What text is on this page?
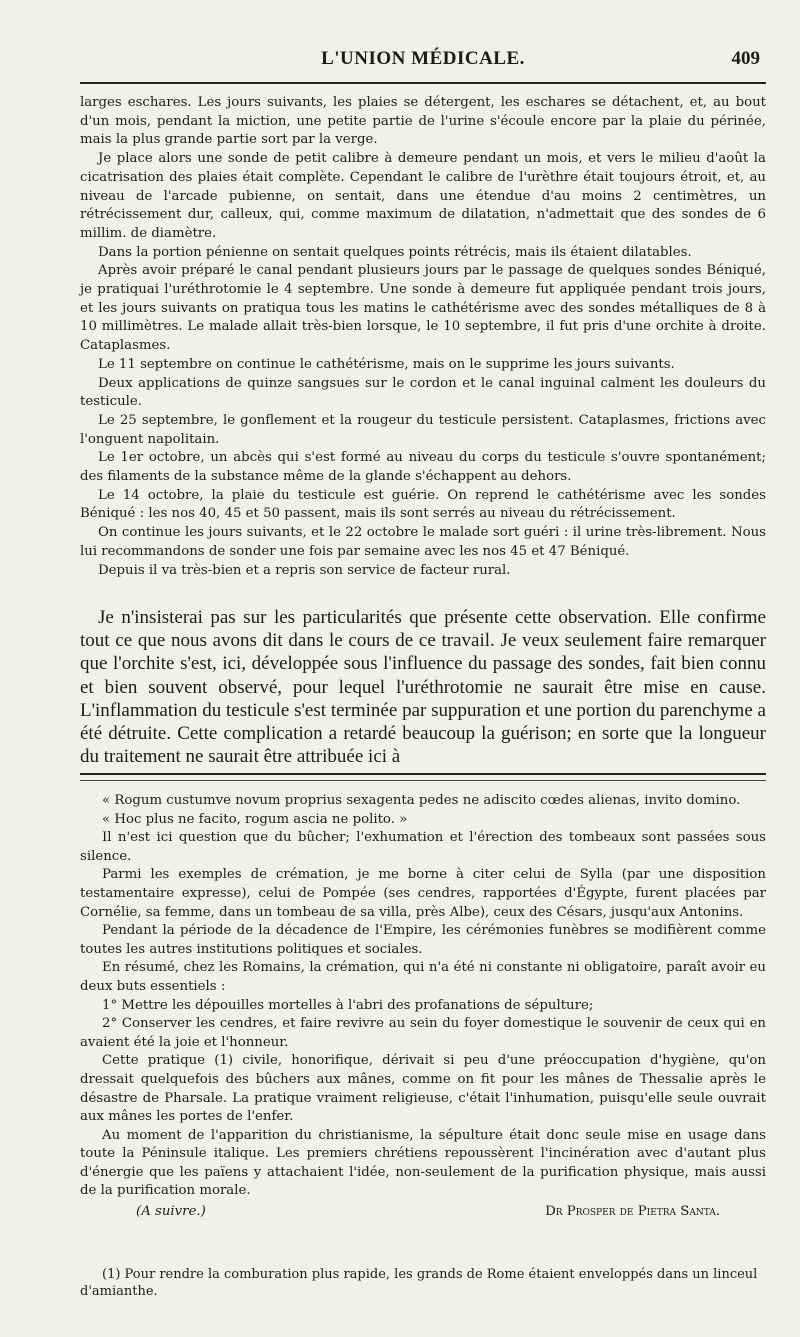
L'UNION MÉDICALE.	409

larges eschares. Les jours suivants, les plaies se détergent, les eschares se détachent, et, au bout d'un mois, pendant la miction, une petite partie de l'urine s'écoule encore par la plaie du périnée, mais la plus grande partie sort par la verge.

Je place alors une sonde de petit calibre à demeure pendant un mois, et vers le milieu d'août la cicatrisation des plaies était complète. Cependant le calibre de l'urèthre était toujours étroit, et, au niveau de l'arcade pubienne, on sentait, dans une étendue d'au moins 2 centimètres, un rétrécissement dur, calleux, qui, comme maximum de dilatation, n'admettait que des sondes de 6 millim. de diamètre.

Dans la portion pénienne on sentait quelques points rétrécis, mais ils étaient dilatables.

Après avoir préparé le canal pendant plusieurs jours par le passage de quelques sondes Béniqué, je pratiquai l'uréthrotomie le 4 septembre. Une sonde à demeure fut appliquée pendant trois jours, et les jours suivants on pratiqua tous les matins le cathétérisme avec des sondes métalliques de 8 à 10 millimètres. Le malade allait très-bien lorsque, le 10 septembre, il fut pris d'une orchite à droite. Cataplasmes.

Le 11 septembre on continue le cathétérisme, mais on le supprime les jours suivants.

Deux applications de quinze sangsues sur le cordon et le canal inguinal calment les douleurs du testicule.

Le 25 septembre, le gonflement et la rougeur du testicule persistent. Cataplasmes, frictions avec l'onguent napolitain.

Le 1er octobre, un abcès qui s'est formé au niveau du corps du testicule s'ouvre spontanément; des filaments de la substance même de la glande s'échappent au dehors.

Le 14 octobre, la plaie du testicule est guérie. On reprend le cathétérisme avec les sondes Béniqué : les nos 40, 45 et 50 passent, mais ils sont serrés au niveau du rétrécissement.

On continue les jours suivants, et le 22 octobre le malade sort guéri : il urine très-librement. Nous lui recommandons de sonder une fois par semaine avec les nos 45 et 47 Béniqué.

Depuis il va très-bien et a repris son service de facteur rural.

Je n'insisterai pas sur les particularités que présente cette observation. Elle confirme tout ce que nous avons dit dans le cours de ce travail. Je veux seulement faire remarquer que l'orchite s'est, ici, développée sous l'influence du passage des sondes, fait bien connu et bien souvent observé, pour lequel l'uréthrotomie ne saurait être mise en cause. L'inflammation du testicule s'est terminée par suppuration et une portion du parenchyme a été détruite. Cette complication a retardé beaucoup la guérison; en sorte que la longueur du traitement ne saurait être attribuée ici à

« Rogum custumve novum proprius sexagenta pedes ne adiscito cœdes alienas, invito domino.

« Hoc plus ne facito, rogum ascia ne polito. »

Il n'est ici question que du bûcher; l'exhumation et l'érection des tombeaux sont passées sous silence.

Parmi les exemples de crémation, je me borne à citer celui de Sylla (par une disposition testamentaire expresse), celui de Pompée (ses cendres, rapportées d'Égypte, furent placées par Cornélie, sa femme, dans un tombeau de sa villa, près Albe), ceux des Césars, jusqu'aux Antonins.

Pendant la période de la décadence de l'Empire, les cérémonies funèbres se modifièrent comme toutes les autres institutions politiques et sociales.

En résumé, chez les Romains, la crémation, qui n'a été ni constante ni obligatoire, paraît avoir eu deux buts essentiels :

1° Mettre les dépouilles mortelles à l'abri des profanations de sépulture;

2° Conserver les cendres, et faire revivre au sein du foyer domestique le souvenir de ceux qui en avaient été la joie et l'honneur.

Cette pratique (1) civile, honorifique, dérivait si peu d'une préoccupation d'hygiène, qu'on dressait quelquefois des bûchers aux mânes, comme on fit pour les mânes de Thessalie après le désastre de Pharsale. La pratique vraiment religieuse, c'était l'inhumation, puisqu'elle seule ouvrait aux mânes les portes de l'enfer.

Au moment de l'apparition du christianisme, la sépulture était donc seule mise en usage dans toute la Péninsule italique. Les premiers chrétiens repoussèrent l'incinération avec d'autant plus d'énergie que les païens y attachaient l'idée, non-seulement de la purification physique, mais aussi de la purification morale.

(A suivre.)	Dr Prosper de Pietra Santa.

(1) Pour rendre la comburation plus rapide, les grands de Rome étaient enveloppés dans un linceul d'amianthe.
